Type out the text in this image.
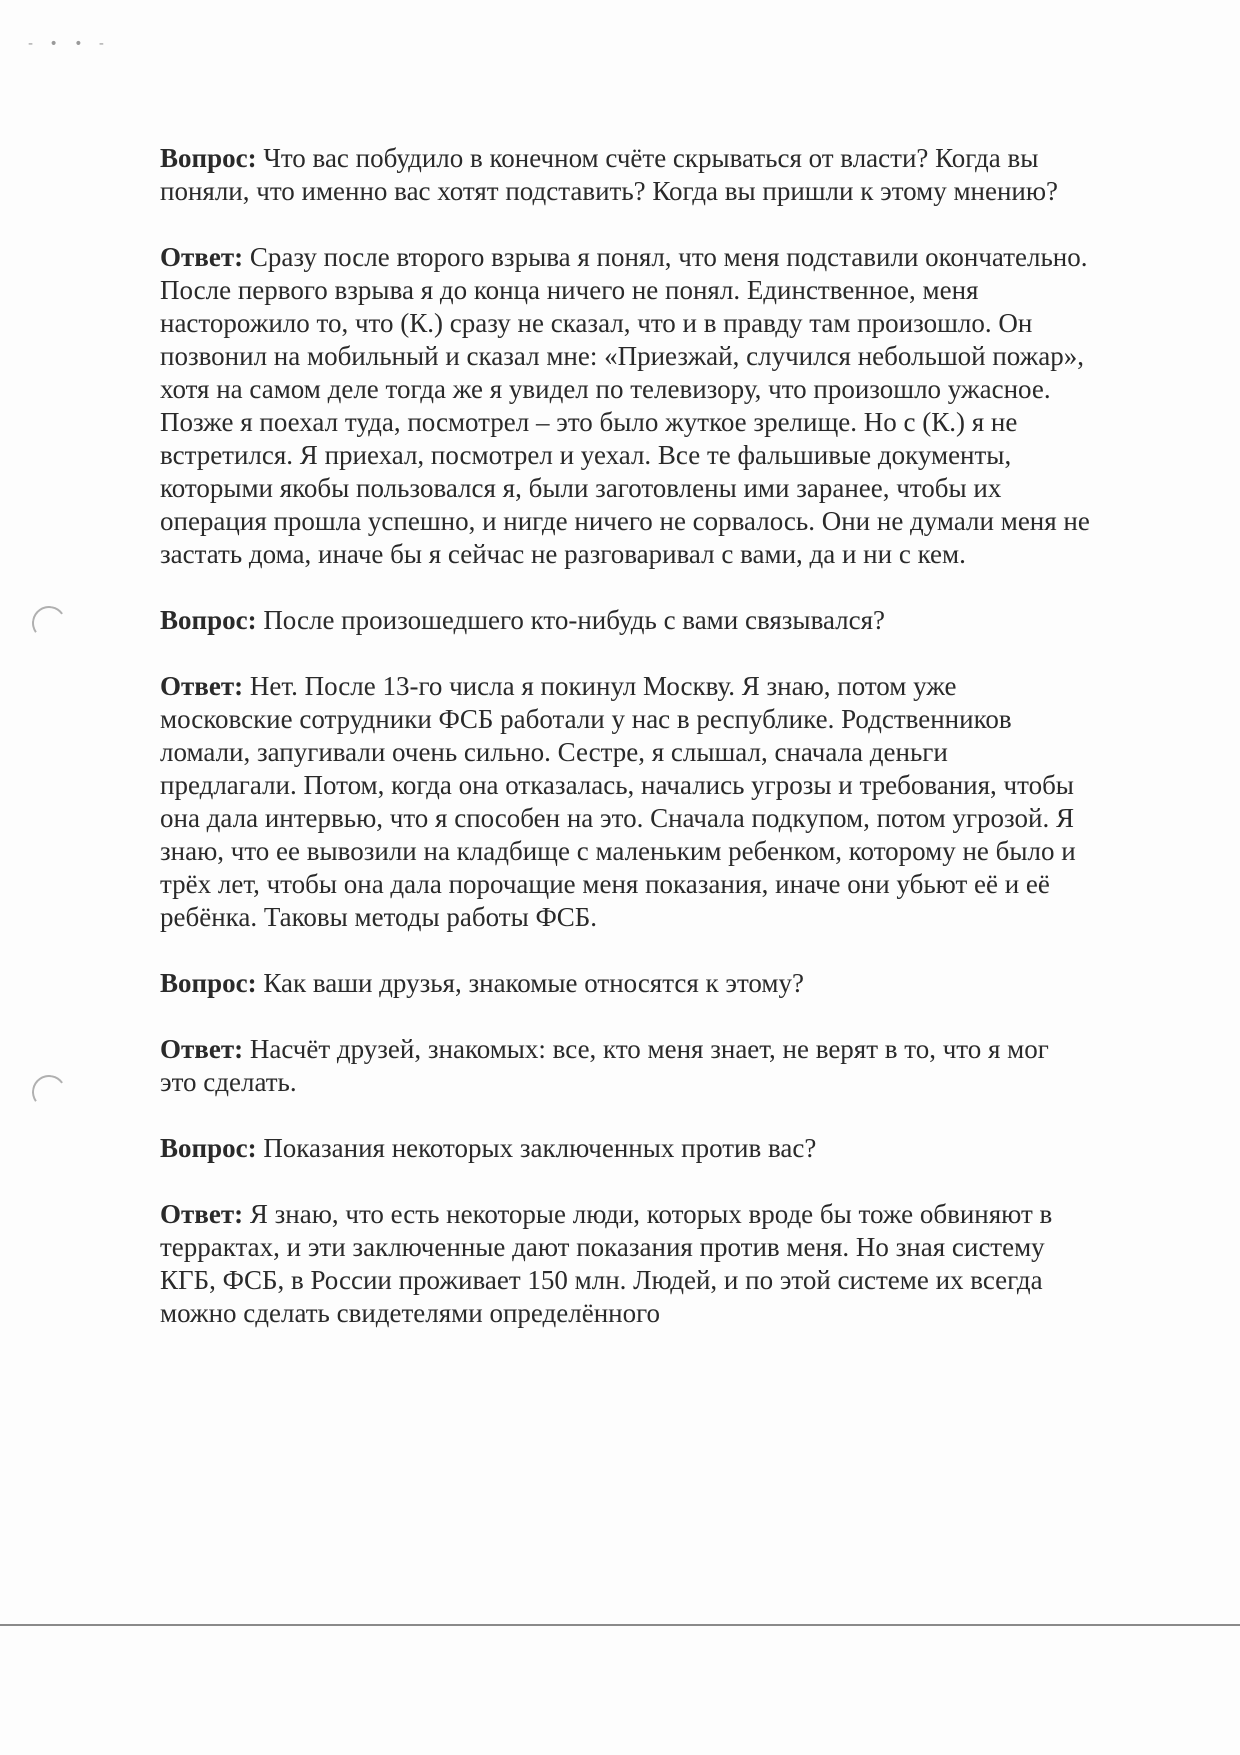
- • • -

Вопрос: Что вас побудило в конечном счёте скрываться от власти? Когда вы поняли, что именно вас хотят подставить? Когда вы пришли к этому мнению?

Ответ: Сразу после второго взрыва я понял, что меня подставили окончательно. После первого взрыва я до конца ничего не понял. Единственное, меня насторожило то, что (К.) сразу не сказал, что и в правду там произошло. Он позвонил на мобильный и сказал мне: «Приезжай, случился небольшой пожар», хотя на самом деле тогда же я увидел по телевизору, что произошло ужасное. Позже я поехал туда, посмотрел – это было жуткое зрелище. Но с (К.) я не встретился. Я приехал, посмотрел и уехал. Все те фальшивые документы, которыми якобы пользовался я, были заготовлены ими заранее, чтобы их операция прошла успешно, и нигде ничего не сорвалось. Они не думали меня не застать дома, иначе бы я сейчас не разговаривал с вами, да и ни с кем.

Вопрос: После произошедшего кто-нибудь с вами связывался?

Ответ: Нет. После 13-го числа я покинул Москву. Я знаю, потом уже московские сотрудники ФСБ работали у нас в республике. Родственников ломали, запугивали очень сильно. Сестре, я слышал, сначала деньги предлагали. Потом, когда она отказалась, начались угрозы и требования, чтобы она дала интервью, что я способен на это. Сначала подкупом, потом угрозой. Я знаю, что ее вывозили на кладбище с маленьким ребенком, которому не было и трёх лет, чтобы она дала порочащие меня показания, иначе они убьют её и её ребёнка. Таковы методы работы ФСБ.

Вопрос: Как ваши друзья, знакомые относятся к этому?

Ответ: Насчёт друзей, знакомых: все, кто меня знает, не верят в то, что я мог это сделать.

Вопрос: Показания некоторых заключенных против вас?

Ответ: Я знаю, что есть некоторые люди, которых вроде бы тоже обвиняют в террактах, и эти заключенные дают показания против меня. Но зная систему КГБ, ФСБ, в России проживает 150 млн. Людей, и по этой системе их всегда можно сделать свидетелями определённого
